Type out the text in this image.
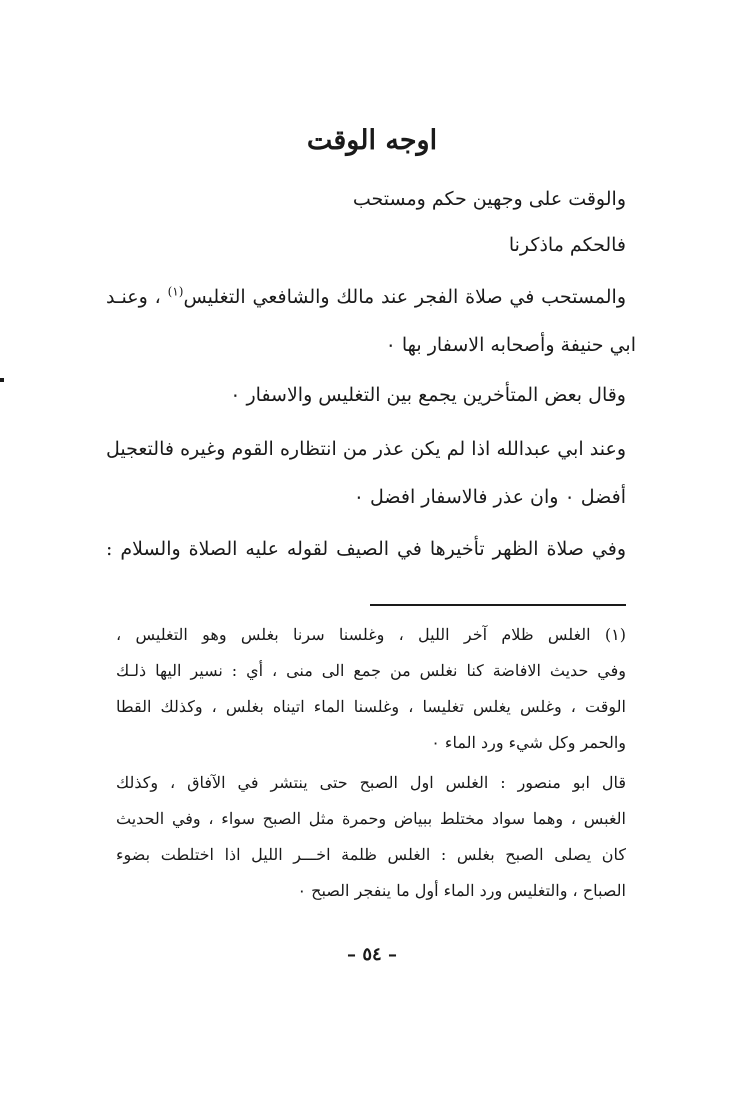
اوجه الوقت

والوقت على وجهين حكم ومستحب

فالحكم ماذكرنا

والمستحب في صلاة الفجر عند مالك والشافعي التغليس$^{(١)}$ ، وعنـد

ابي حنيفة وأصحابه الاسفار بها ٠

وقال بعض المتأخرين يجمع بين التغليس والاسفار ٠

وعند ابي عبدالله اذا لم يكن عذر من انتظاره القوم وغيره فالتعجيل

أفضل ٠ وان عذر فالاسفار افضل ٠

وفي صلاة الظهر تأخيرها في الصيف لقوله عليه الصلاة والسلام :

(١) الغلس ظلام آخر الليل ، وغلسنا سرنا بغلس وهو التغليس ،

وفي حديث الافاضة كنا نغلس من جمع الى منى ، أي : نسير اليها ذلـك

الوقت ، وغلس يغلس تغليسا ، وغلسنا الماء اتيناه بغلس ، وكذلك القطا

والحمر وكل شيء ورد الماء ٠

قال ابو منصور : الغلس اول الصبح حتى ينتشر في الآفاق ، وكذلك

الغبس ، وهما سواد مختلط ببياض وحمرة مثل الصبح سواء ، وفي الحديث

كان يصلى الصبح بغلس : الغلس ظلمة اخـــر الليل اذا اختلطت بضوء

الصباح ، والتغليس ورد الماء أول ما ينفجر الصبح ٠

– ٥٤ –
